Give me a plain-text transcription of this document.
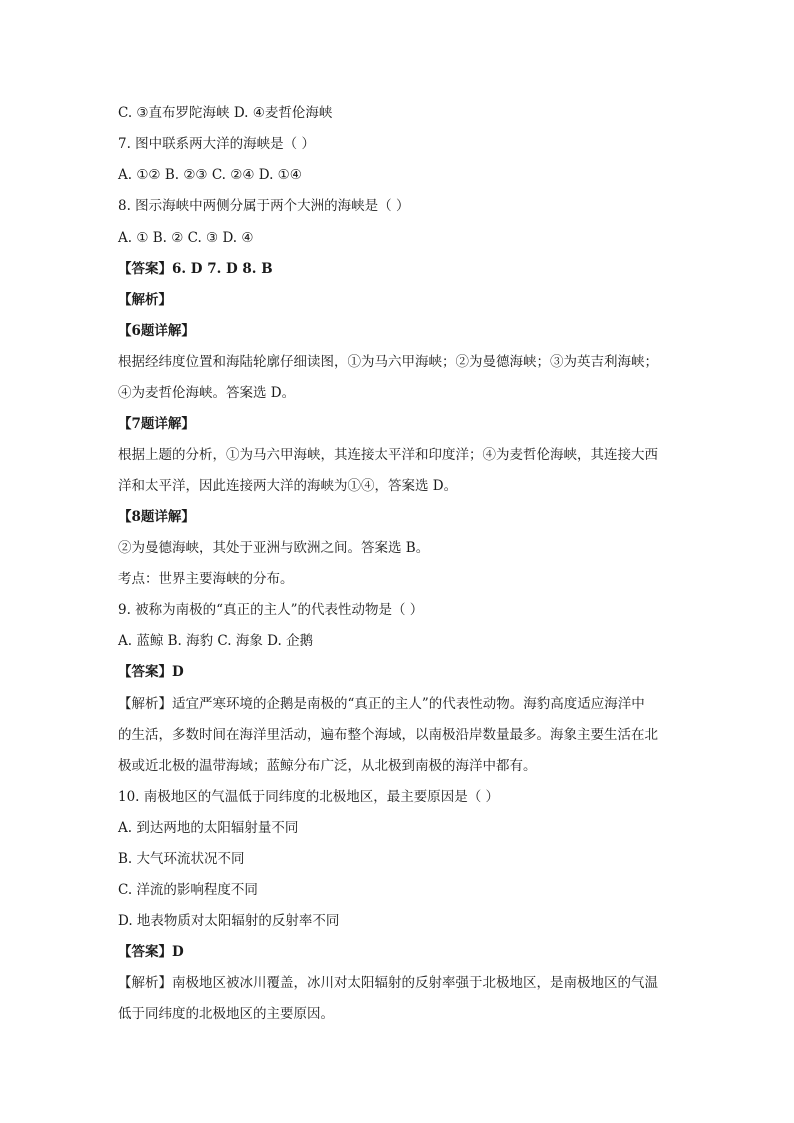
C. ③直布罗陀海峡 D. ④麦哲伦海峡
7. 图中联系两大洋的海峡是（ ）
A. ①② B. ②③ C. ②④ D. ①④
8. 图示海峡中两侧分属于两个大洲的海峡是（ ）
A. ① B. ② C. ③ D. ④
【答案】6. D 7. D 8. B
【解析】
【6题详解】
根据经纬度位置和海陆轮廓仔细读图，①为马六甲海峡；②为曼德海峡；③为英吉利海峡；
④为麦哲伦海峡。答案选 D。
【7题详解】
根据上题的分析，①为马六甲海峡，其连接太平洋和印度洋；④为麦哲伦海峡，其连接大西
洋和太平洋，因此连接两大洋的海峡为①④，答案选 D。
【8题详解】
②为曼德海峡，其处于亚洲与欧洲之间。答案选 B。
考点：世界主要海峡的分布。
9. 被称为南极的“真正的主人”的代表性动物是（ ）
A. 蓝鲸 B. 海豹 C. 海象 D. 企鹅
【答案】D
【解析】适宜严寒环境的企鹅是南极的“真正的主人”的代表性动物。海豹高度适应海洋中
的生活，多数时间在海洋里活动，遍布整个海域，以南极沿岸数量最多。海象主要生活在北
极或近北极的温带海域；蓝鲸分布广泛，从北极到南极的海洋中都有。
10. 南极地区的气温低于同纬度的北极地区，最主要原因是（ ）
A. 到达两地的太阳辐射量不同
B. 大气环流状况不同
C. 洋流的影响程度不同
D. 地表物质对太阳辐射的反射率不同
【答案】D
【解析】南极地区被冰川覆盖，冰川对太阳辐射的反射率强于北极地区，是南极地区的气温
低于同纬度的北极地区的主要原因。
